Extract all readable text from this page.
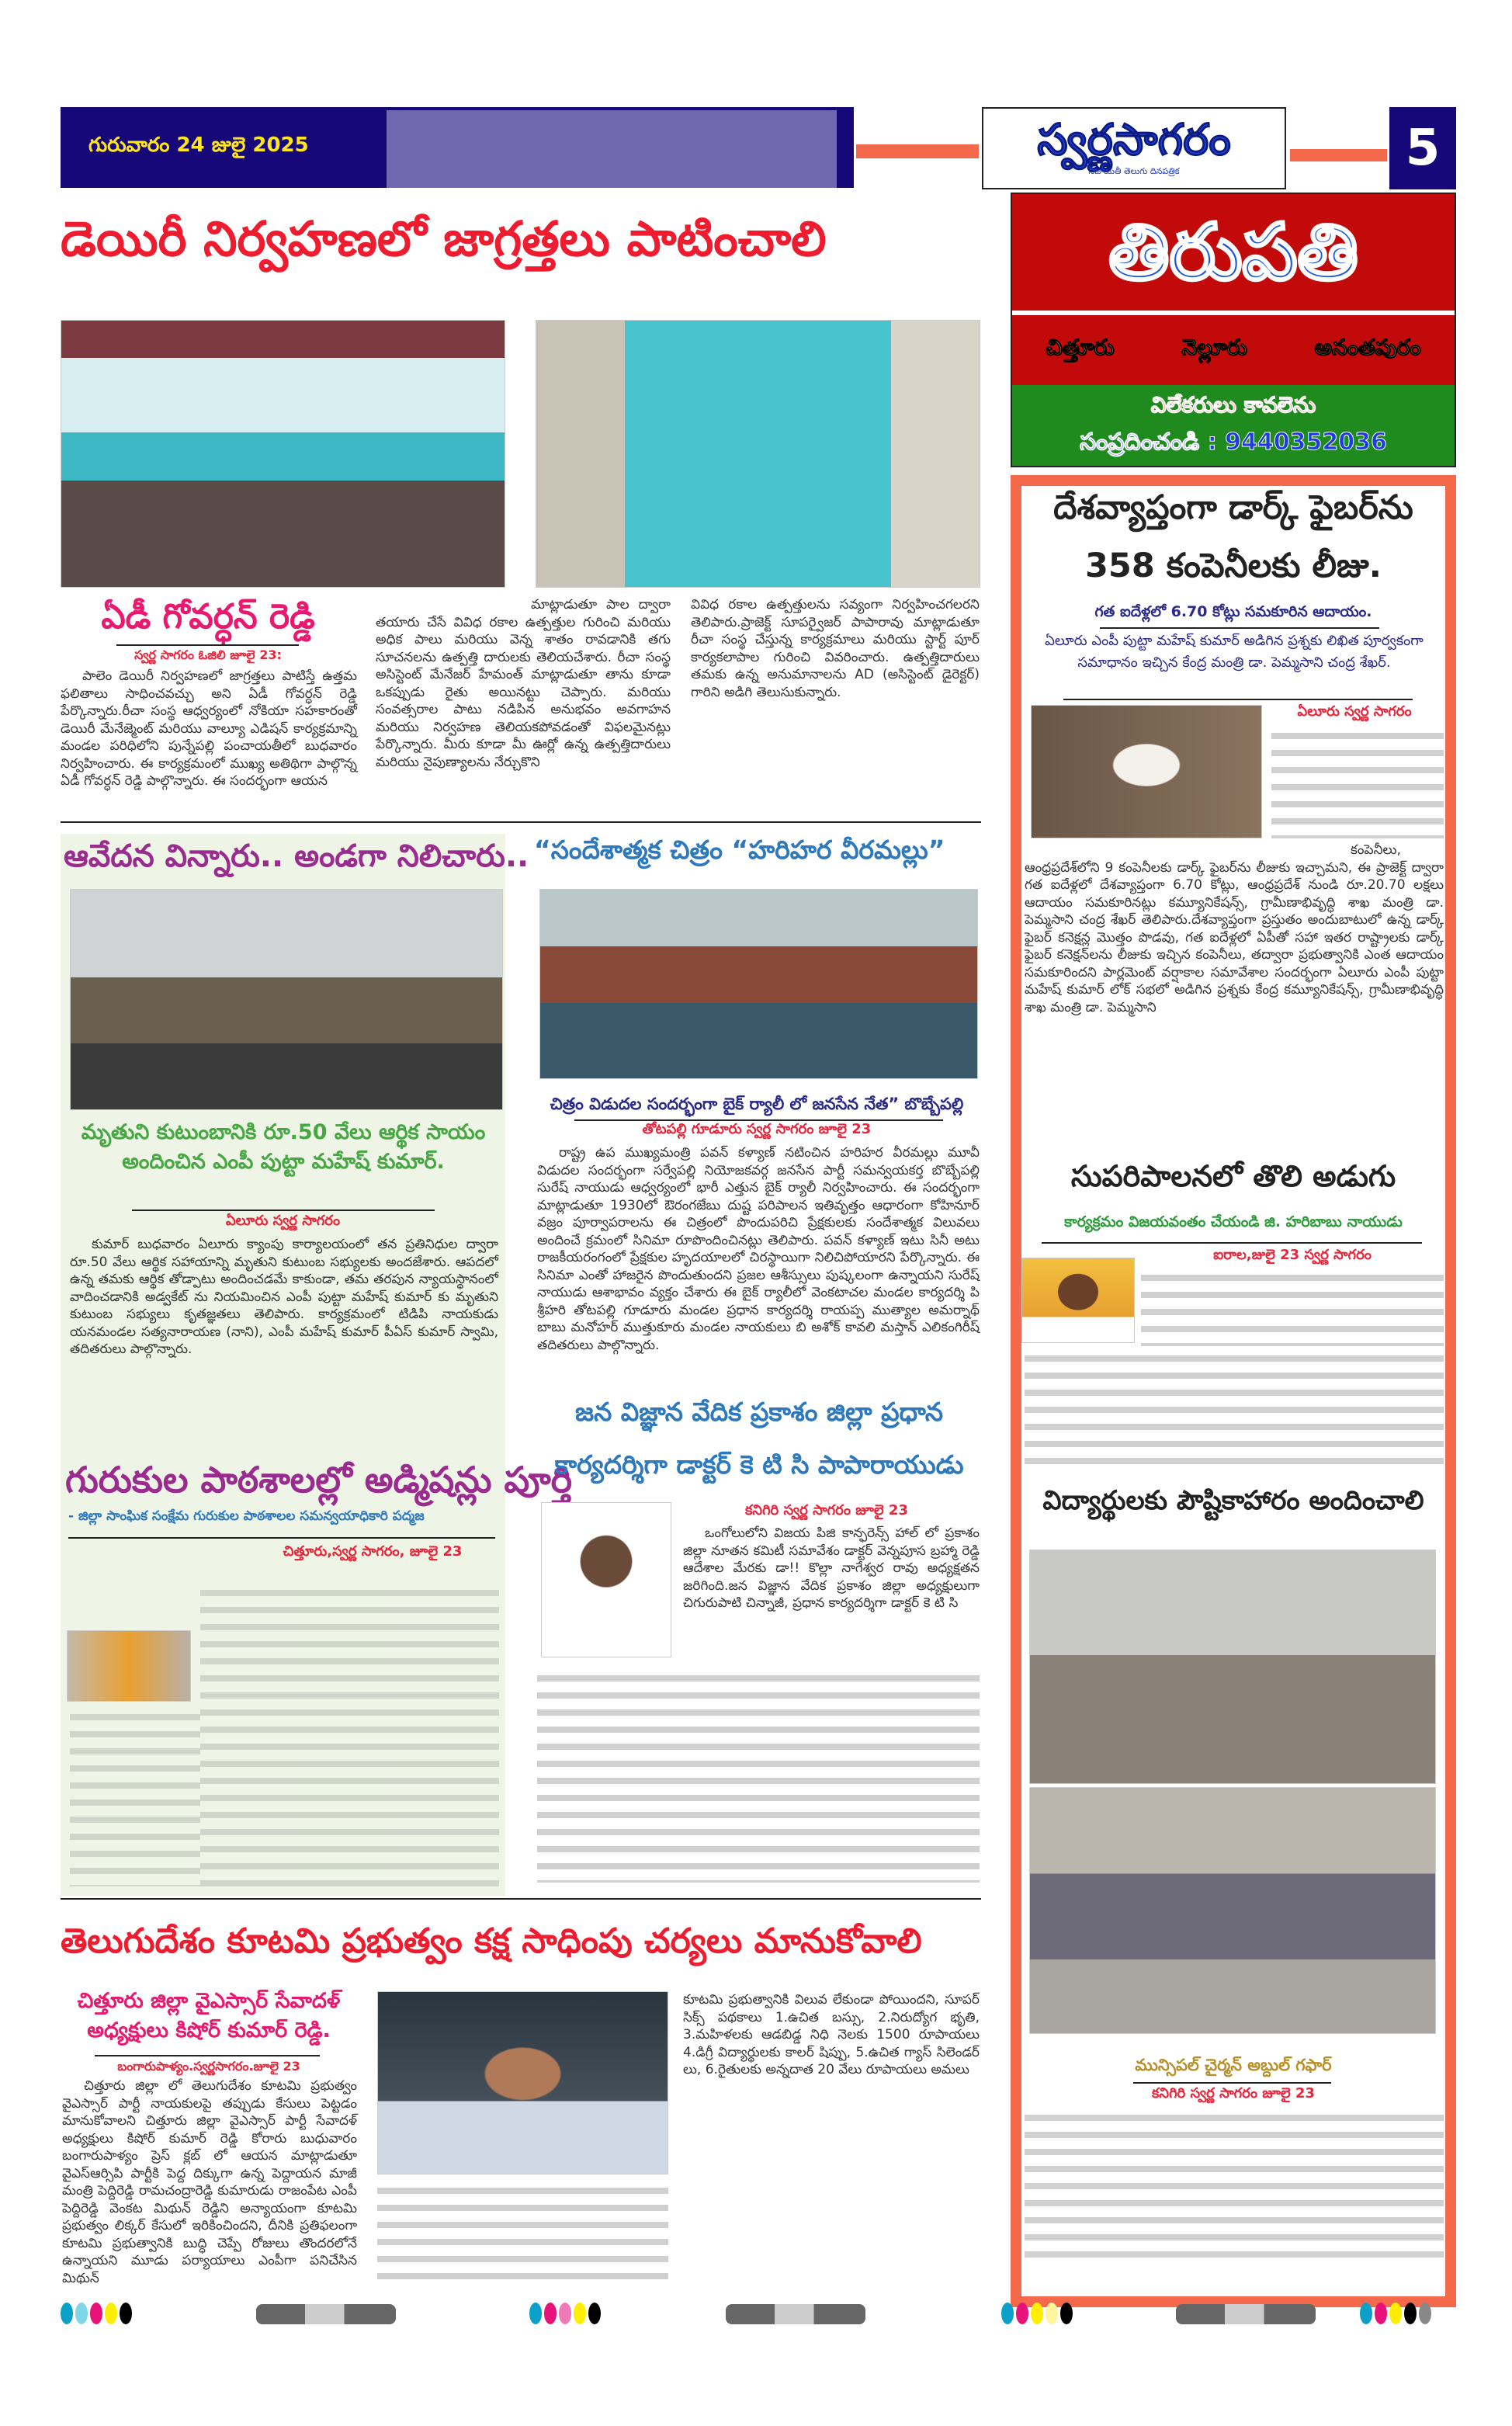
గురువారం 24 జులై 2025	స్వర్ణసాగరం
నిజాయితీ తెలుగు దినపత్రిక	5
తిరుపతి
చిత్తూరు	నెల్లూరు	అనంతపురం
విలేకరులు కావలెను
సంప్రదించండి : 9440352036
డెయిరీ నిర్వహణలో జాగ్రత్తలు పాటించాలి
ఏడీ గోవర్ధన్ రెడ్డి
స్వర్ణ సాగరం ఓజిలి జూలై 23:
పాలెం డెయిరీ నిర్వహణలో జాగ్రత్తలు పాటిస్తే ఉత్తమ ఫలితాలు సాధించవచ్చు అని ఏడీ గోవర్ధన్ రెడ్డి పేర్కొన్నారు.రీచా సంస్థ ఆధ్వర్యంలో నోకియా సహకారంతో డెయిరీ మేనేజ్మెంట్ మరియు వాల్యూ ఎడిషన్ కార్యక్రమాన్ని మండల పరిధిలోని పున్నేపల్లి పంచాయతీలో బుధవారం నిర్వహించారు. ఈ కార్యక్రమంలో ముఖ్య అతిథిగా పాల్గొన్న ఏడీ గోవర్ధన్ రెడ్డి పాల్గొన్నారు. ఈ సందర్భంగా ఆయన
మాట్లాడుతూ పాల ద్వారా తయారు చేసే వివిధ రకాల ఉత్పత్తుల గురించి మరియు అధిక పాలు మరియు వెన్న శాతం రావడానికి తగు సూచనలను ఉత్పత్తి దారులకు తెలియచేశారు. రీచా సంస్థ అసిస్టెంట్ మేనేజర్ హేమంత్ మాట్లాడుతూ తాను కూడా ఒకప్పుడు రైతు అయినట్టు చెప్పారు. మరియు సంవత్సరాల పాటు నడిపిన అనుభవం అవగాహన మరియు నిర్వహణ తెలియకపోవడంతో విఫలమైనట్లు పేర్కొన్నారు. మీరు కూడా మీ ఊర్లో ఉన్న ఉత్పత్తిదారులు మరియు నైపుణ్యాలను నేర్చుకొని
వివిధ రకాల ఉత్పత్తులను సవ్యంగా నిర్వహించగలరని తెలిపారు.ప్రాజెక్ట్ సూపర్వైజర్ పాపారావు మాట్లాడుతూ రీచా సంస్థ చేస్తున్న కార్యక్రమాలు మరియు స్టార్ట్ పూర్ కార్యకలాపాల గురించి వివరించారు. ఉత్పత్తిదారులు తమకు ఉన్న అనుమానాలను AD (అసిస్టెంట్ డైరెక్టర్) గారిని అడిగి తెలుసుకున్నారు.
ఆవేదన విన్నారు.. అండగా నిలిచారు..
మృతుని కుటుంబానికి రూ.50 వేలు ఆర్థిక సాయం అందించిన ఎంపీ పుట్టా మహేష్ కుమార్.
ఏలూరు స్వర్ణ సాగరం
కుమార్ బుధవారం ఏలూరు క్యాంపు కార్యాలయంలో తన ప్రతినిధుల ద్వారా రూ.50 వేలు ఆర్థిక సహాయాన్ని మృతుని కుటుంబ సభ్యులకు అందజేశారు. ఆపదలో ఉన్న తమకు ఆర్థిక తోడ్పాటు అందించడమే కాకుండా, తమ తరపున న్యాయస్థానంలో వాదించడానికి అడ్వకేట్ ను నియమించిన ఎంపీ పుట్టా మహేష్ కుమార్ కు మృతుని కుటుంబ సభ్యులు కృతజ్ఞతలు తెలిపారు. కార్యక్రమంలో టిడిపి నాయకుడు యనమండల సత్యనారాయణ (నాని), ఎంపీ మహేష్ కుమార్ పీఏస్ కుమార్ స్వామి, తదితరులు పాల్గొన్నారు.
గురుకుల పాఠశాలల్లో అడ్మిషన్లు పూర్తి
- జిల్లా సాంఘిక సంక్షేమ గురుకుల పాఠశాలల సమన్వయాధికారి పద్మజ
చిత్తూరు,స్వర్ణ సాగరం, జూలై 23
“సందేశాత్మక చిత్రం “హరిహర వీరమల్లు”
చిత్రం విడుదల సందర్భంగా బైక్ ర్యాలీ లో జనసేన నేత” బొబ్బేపల్లి
తోటపల్లి గూడూరు స్వర్ణ సాగరం జూలై 23
రాష్ట్ర ఉప ముఖ్యమంత్రి పవన్ కళ్యాణ్ నటించిన హరిహర వీరమల్లు మూవీ విడుదల సందర్భంగా సర్వేపల్లి నియోజకవర్గ జనసేన పార్టీ సమన్వయకర్త బొబ్బేపల్లి సురేష్ నాయుడు ఆధ్వర్యంలో భారీ ఎత్తున బైక్ ర్యాలీ నిర్వహించారు. ఈ సందర్భంగా మాట్లాడుతూ 1930లో ఔరంగజేబు దుష్ట పరిపాలన ఇతివృత్తం ఆధారంగా కోహినూర్ వజ్రం పూర్వాపరాలను ఈ చిత్రంలో పొందుపరిచి ప్రేక్షకులకు సందేశాత్మక విలువలు అందించే క్రమంలో సినిమా రూపొందించినట్లు తెలిపారు. పవన్ కళ్యాణ్ ఇటు సినీ అటు రాజకీయరంగంలో ప్రేక్షకుల హృదయాలలో చిరస్థాయిగా నిలిచిపోయారని పేర్కొన్నారు. ఈ సినిమా ఎంతో హాజరైన పొందుతుందని ప్రజల ఆశీస్సులు పుష్కలంగా ఉన్నాయని సురేష్ నాయుడు ఆశాభావం వ్యక్తం చేశారు ఈ బైక్ ర్యాలీలో వెంకటాచల మండల కార్యదర్శి పి శ్రీహరి తోటపల్లి గూడూరు మండల ప్రధాన కార్యదర్శి రాయప్ప ముత్యాల అమర్నాథ్ బాబు మనోహర్ ముత్తుకూరు మండల నాయకులు బి అశోక్ కావలి మస్తాన్ ఎలికంగిరీష్ తదితరులు పాల్గొన్నారు.
జన విజ్ఞాన వేదిక ప్రకాశం జిల్లా ప్రధాన
కార్యదర్శిగా డాక్టర్ కె టి సి పాపారాయుడు
కనిగిరి స్వర్ణ సాగరం జూలై 23
ఒంగోలులోని విజయ పిజి కాన్ఫరెన్స్ హాల్ లో ప్రకాశం జిల్లా నూతన కమిటీ సమావేశం డాక్టర్ వెన్నపూస బ్రహ్మా రెడ్డి ఆదేశాల మేరకు డా!! కొల్లా నాగేశ్వర రావు అధ్యక్షతన జరిగింది.జన విజ్ఞాన వేదిక ప్రకాశం జిల్లా అధ్యక్షులుగా చిగురుపాటి చిన్నాజీ, ప్రధాన కార్యదర్శిగా డాక్టర్ కె టి సి
తెలుగుదేశం కూటమి ప్రభుత్వం కక్ష సాధింపు చర్యలు మానుకోవాలి
చిత్తూరు జిల్లా వైఎస్సార్ సేవాదళ్
అధ్యక్షులు కిషోర్ కుమార్ రెడ్డి.
బంగారుపాళ్యం.స్వర్ణసాగరం.జూలై 23
చిత్తూరు జిల్లా లో తెలుగుదేశం కూటమి ప్రభుత్వం వైఎస్సార్ పార్టీ నాయకులపై తప్పుడు కేసులు పెట్టడం మానుకోవాలని చిత్తూరు జిల్లా వైఎస్సార్ పార్టీ సేవాదళ్ అధ్యక్షులు కిషోర్ కుమార్ రెడ్డి కోరారు బుధువారం బంగారుపాళ్యం ప్రెస్ క్లబ్ లో ఆయన మాట్లాడుతూ వైఎస్ఆర్సిపి పార్టీకి పెద్ద దిక్కుగా ఉన్న పెద్దాయన మాజీ మంత్రి పెద్దిరెడ్డి రామచంద్రారెడ్డి కుమారుడు రాజంపేట ఎంపీ పెద్దిరెడ్డి వెంకట మిథున్ రెడ్డిని అన్యాయంగా కూటమి ప్రభుత్వం లిక్కర్ కేసులో ఇరికించిందని, దీనికి ప్రతిఫలంగా కూటమి ప్రభుత్వానికి బుద్ధి చెప్పే రోజులు తొందరలోనే ఉన్నాయని మూడు పర్యాయాలు ఎంపీగా పనిచేసిన మిథున్
కూటమి ప్రభుత్వానికి విలువ లేకుండా పోయిందని, సూపర్ సిక్స్ పథకాలు 1.ఉచిత బస్సు, 2.నిరుద్యోగ భృతి, 3.మహిళలకు ఆడబిడ్డ నిధి నెలకు 1500 రూపాయలు 4.డిగ్రీ విద్యార్థులకు కాలర్ షిప్పు, 5.ఉచిత గ్యాస్ సిలెండర్ లు, 6.రైతులకు అన్నదాత 20 వేలు రూపాయలు అమలు
దేశవ్యాప్తంగా డార్క్ ఫైబర్‌ను
358 కంపెనీలకు లీజు.
గత ఐదేళ్లలో 6.70 కోట్లు సమకూరిన ఆదాయం.
ఏలూరు ఎంపీ పుట్టా మహేష్ కుమార్ అడిగిన ప్రశ్నకు లిఖిత పూర్వకంగా సమాధానం ఇచ్చిన కేంద్ర మంత్రి డా. పెమ్మసాని చంద్ర శేఖర్.
ఏలూరు స్వర్ణ సాగరం
కంపెనీలు, ఆంధ్రప్రదేశ్‌లోని 9 కంపెనీలకు డార్క్ ఫైబర్‌ను లీజుకు ఇచ్చామని, ఈ ప్రాజెక్ట్ ద్వారా గత ఐదేళ్లలో దేశవ్యాప్తంగా 6.70 కోట్లు, ఆంధ్రప్రదేశ్ నుండి రూ.20.70 లక్షలు ఆదాయం సమకూరినట్లు కమ్యూనికేషన్స్, గ్రామీణాభివృద్ధి శాఖ మంత్రి డా. పెమ్మసాని చంద్ర శేఖర్ తెలిపారు.దేశవ్యాప్తంగా ప్రస్తుతం అందుబాటులో ఉన్న డార్క్ ఫైబర్ కనెక్షన్ల మొత్తం పొడవు, గత ఐదేళ్లలో ఏపీతో సహా ఇతర రాష్ట్రాలకు డార్క్ ఫైబర్ కనెక్షన్‌లను లీజుకు ఇచ్చిన కంపెనీలు, తద్వారా ప్రభుత్వానికి ఎంత ఆదాయం సమకూరిందని పార్లమెంట్ వర్షాకాల సమావేశాల సందర్భంగా ఏలూరు ఎంపీ పుట్టా మహేష్ కుమార్ లోక్ సభలో అడిగిన ప్రశ్నకు కేంద్ర కమ్యూనికేషన్స్, గ్రామీణాభివృద్ధి శాఖ మంత్రి డా. పెమ్మసాని
సుపరిపాలనలో తొలి అడుగు
కార్యక్రమం విజయవంతం చేయండి జి. హరిబాబు నాయుడు
ఐరాల,జులై 23 స్వర్ణ సాగరం
విద్యార్థులకు పౌష్టికాహారం అందించాలి
మున్సిపల్ చైర్మన్ అబ్దుల్ గఫార్
కనిగిరి స్వర్ణ సాగరం జూలై 23
